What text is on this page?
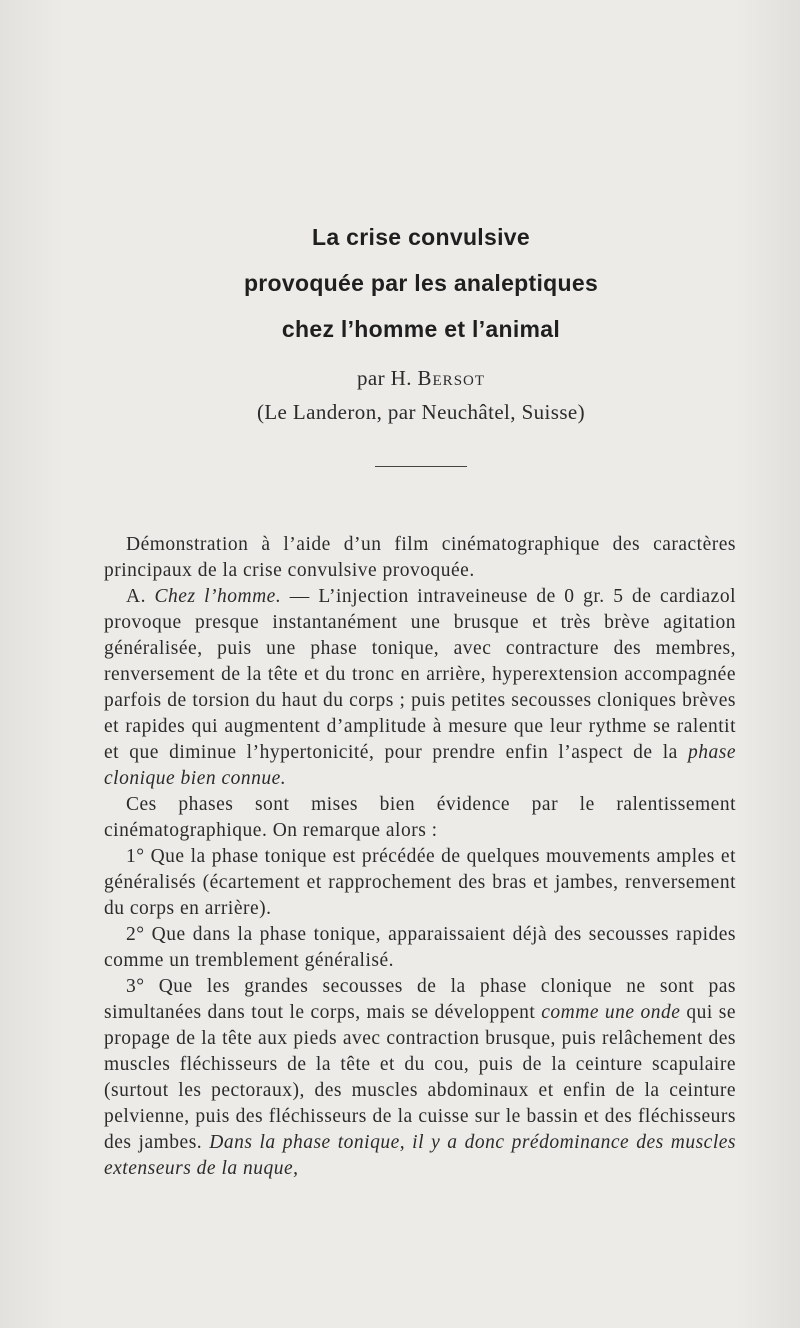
La crise convulsive
provoquée par les analeptiques
chez l’homme et l’animal
par H. Bersot
(Le Landeron, par Neuchâtel, Suisse)

Démonstration à l’aide d’un film cinématographique des caractères principaux de la crise convulsive provoquée.

A. Chez l’homme. — L’injection intraveineuse de 0 gr. 5 de cardiazol provoque presque instantanément une brusque et très brève agitation généralisée, puis une phase tonique, avec contracture des membres, renversement de la tête et du tronc en arrière, hyperextension accompagnée parfois de torsion du haut du corps ; puis petites secousses cloniques brèves et rapides qui augmentent d’amplitude à mesure que leur rythme se ralentit et que diminue l’hypertonicité, pour prendre enfin l’aspect de la phase clonique bien connue.

Ces phases sont mises bien évidence par le ralentissement cinématographique. On remarque alors :

1° Que la phase tonique est précédée de quelques mouvements amples et généralisés (écartement et rapprochement des bras et jambes, renversement du corps en arrière).

2° Que dans la phase tonique, apparaissaient déjà des secousses rapides comme un tremblement généralisé.

3° Que les grandes secousses de la phase clonique ne sont pas simultanées dans tout le corps, mais se développent comme une onde qui se propage de la tête aux pieds avec contraction brusque, puis relâchement des muscles fléchisseurs de la tête et du cou, puis de la ceinture scapulaire (surtout les pectoraux), des muscles abdominaux et enfin de la ceinture pelvienne, puis des fléchisseurs de la cuisse sur le bassin et des fléchisseurs des jambes. Dans la phase tonique, il y a donc prédominance des muscles extenseurs de la nuque,
